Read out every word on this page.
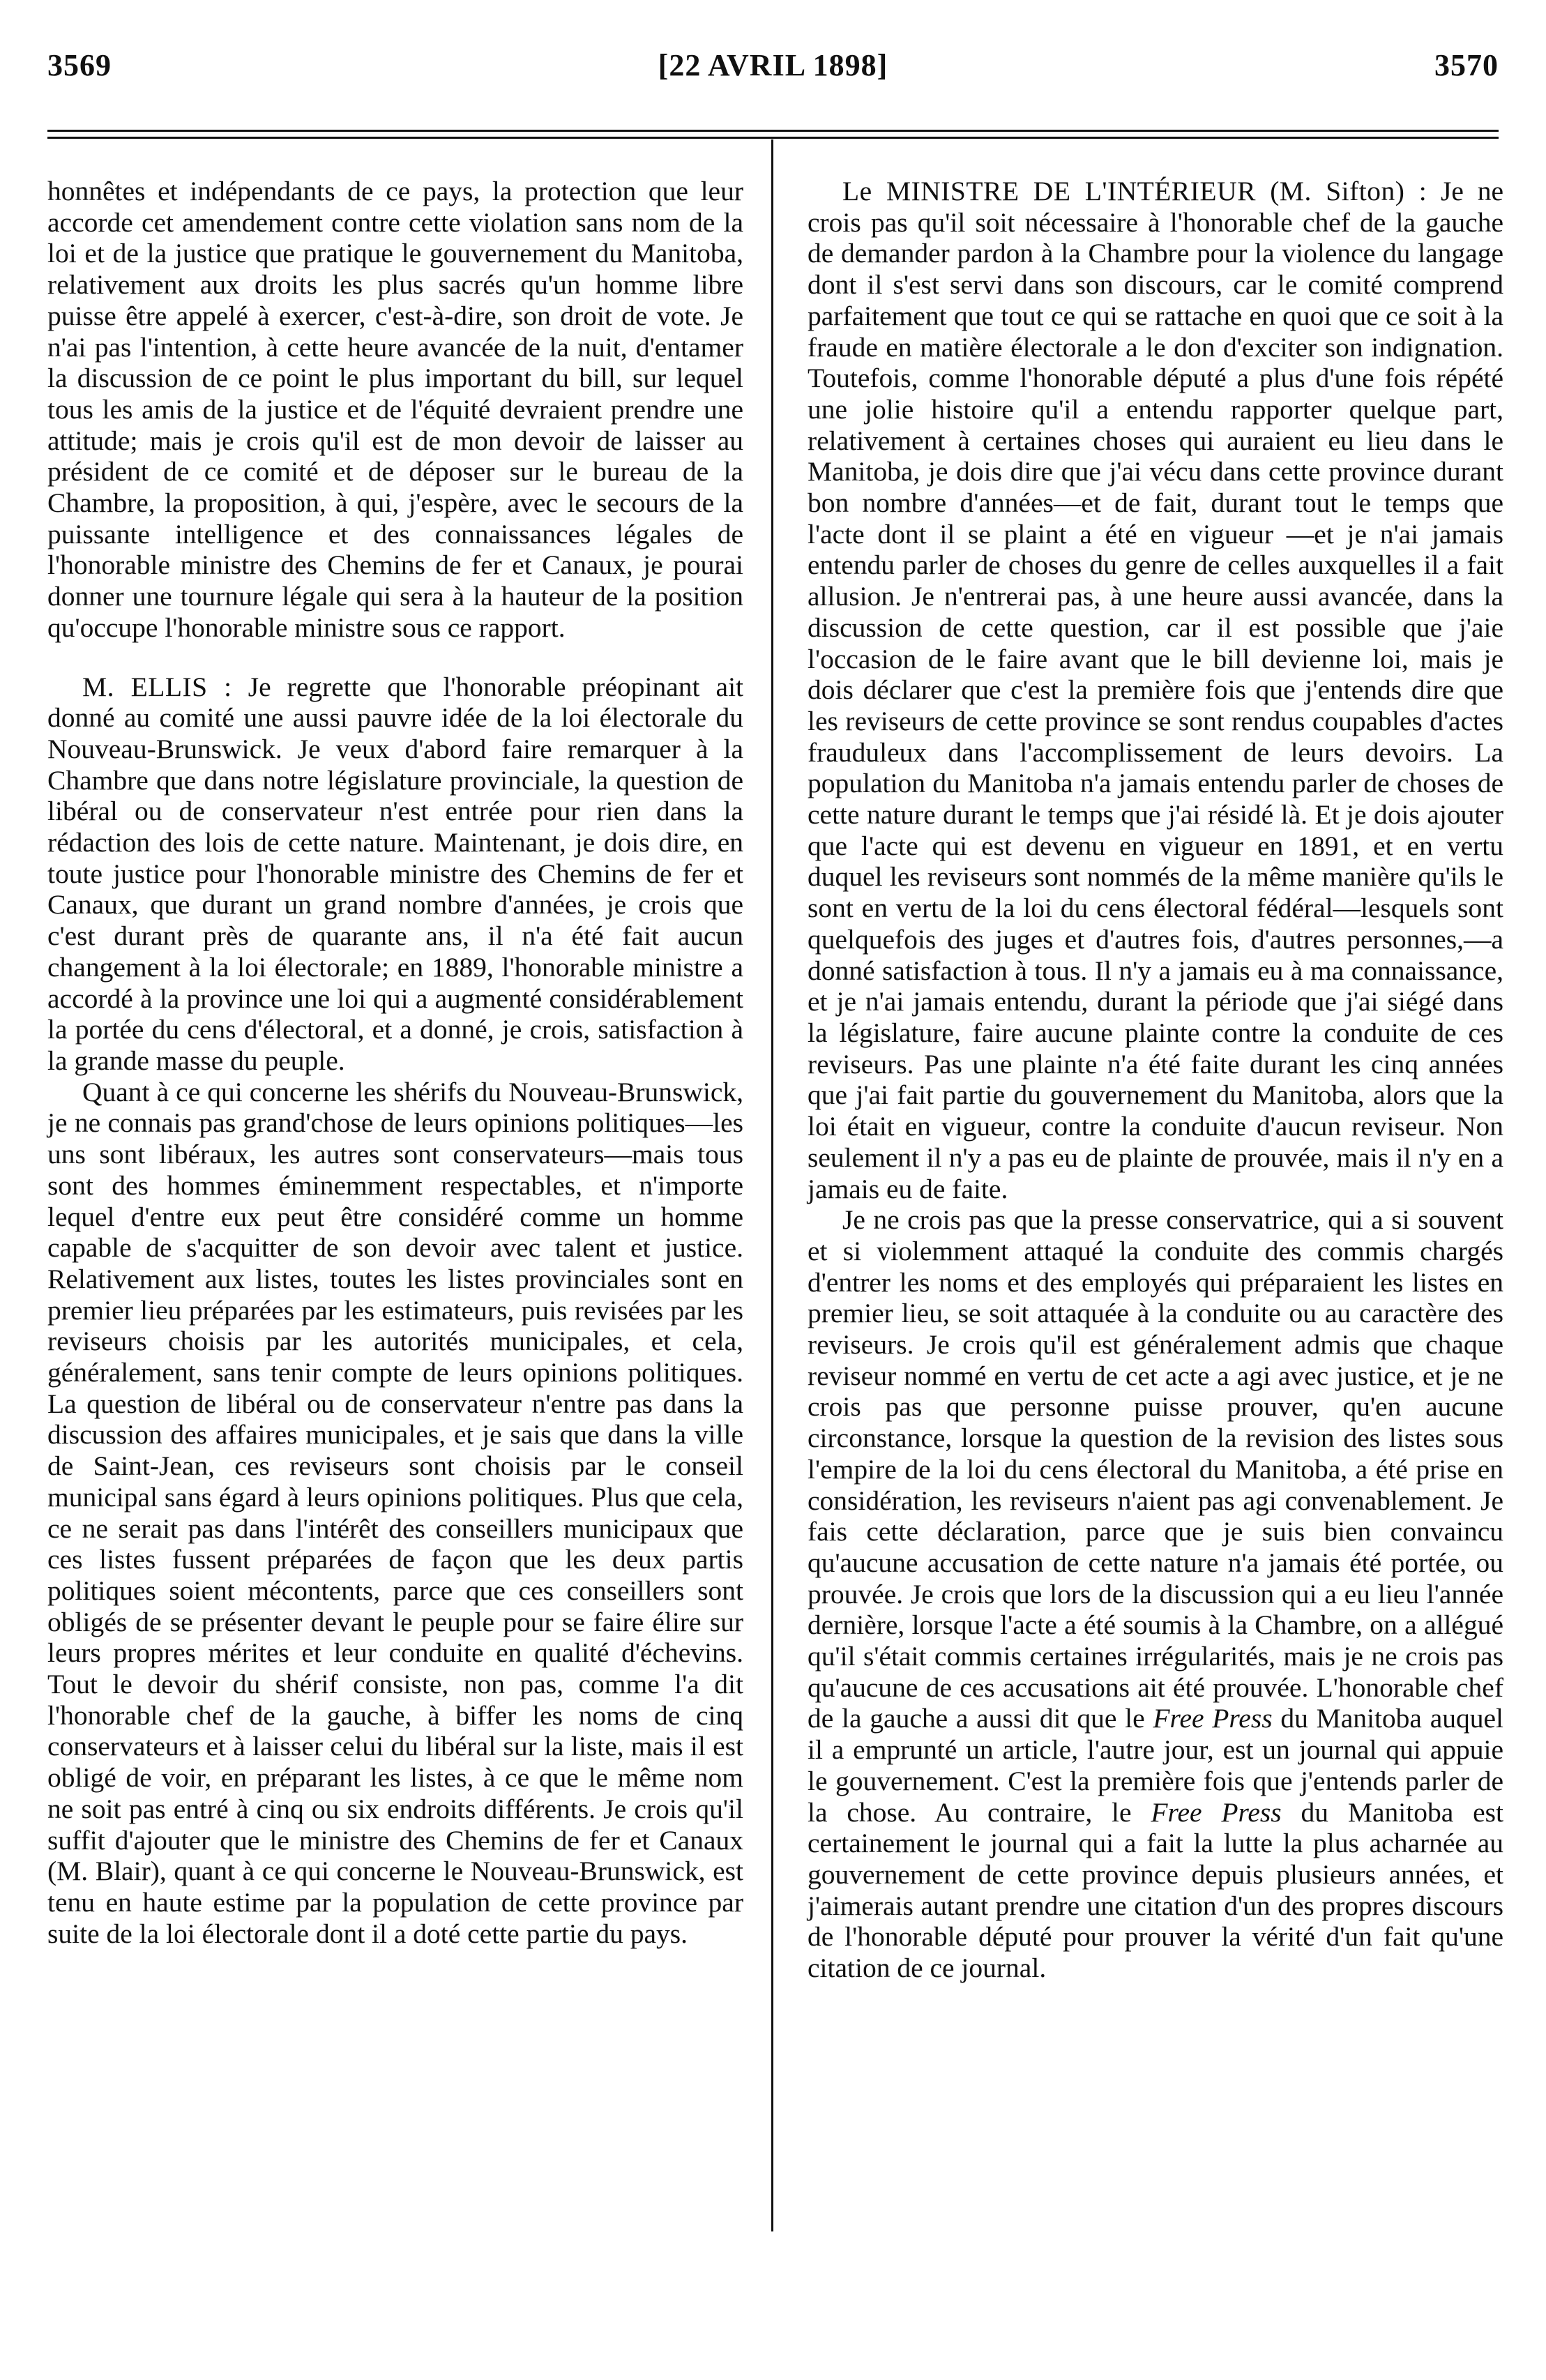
3569	[22 AVRIL 1898]	3570

honnêtes et indépendants de ce pays, la protection que leur accorde cet amendement contre cette violation sans nom de la loi et de la justice que pratique le gouvernement du Manitoba, relativement aux droits les plus sacrés qu'un homme libre puisse être appelé à exercer, c'est-à-dire, son droit de vote. Je n'ai pas l'intention, à cette heure avancée de la nuit, d'entamer la discussion de ce point le plus important du bill, sur lequel tous les amis de la justice et de l'équité devraient prendre une attitude; mais je crois qu'il est de mon devoir de laisser au président de ce comité et de déposer sur le bureau de la Chambre, la proposition, à qui, j'espère, avec le secours de la puissante intelligence et des connaissances légales de l'honorable ministre des Chemins de fer et Canaux, je pourai donner une tournure légale qui sera à la hauteur de la position qu'occupe l'honorable ministre sous ce rapport.

M. ELLIS : Je regrette que l'honorable préopinant ait donné au comité une aussi pauvre idée de la loi électorale du Nouveau-Brunswick. Je veux d'abord faire remarquer à la Chambre que dans notre législature provinciale, la question de libéral ou de conservateur n'est entrée pour rien dans la rédaction des lois de cette nature. Maintenant, je dois dire, en toute justice pour l'honorable ministre des Chemins de fer et Canaux, que durant un grand nombre d'années, je crois que c'est durant près de quarante ans, il n'a été fait aucun changement à la loi électorale; en 1889, l'honorable ministre a accordé à la province une loi qui a augmenté considérablement la portée du cens d'électoral, et a donné, je crois, satisfaction à la grande masse du peuple.

Quant à ce qui concerne les shérifs du Nouveau-Brunswick, je ne connais pas grand'chose de leurs opinions politiques—les uns sont libéraux, les autres sont conservateurs—mais tous sont des hommes éminemment respectables, et n'importe lequel d'entre eux peut être considéré comme un homme capable de s'acquitter de son devoir avec talent et justice. Relativement aux listes, toutes les listes provinciales sont en premier lieu préparées par les estimateurs, puis revisées par les reviseurs choisis par les autorités municipales, et cela, généralement, sans tenir compte de leurs opinions politiques. La question de libéral ou de conservateur n'entre pas dans la discussion des affaires municipales, et je sais que dans la ville de Saint-Jean, ces reviseurs sont choisis par le conseil municipal sans égard à leurs opinions politiques. Plus que cela, ce ne serait pas dans l'intérêt des conseillers municipaux que ces listes fussent préparées de façon que les deux partis politiques soient mécontents, parce que ces conseillers sont obligés de se présenter devant le peuple pour se faire élire sur leurs propres mérites et leur conduite en qualité d'échevins. Tout le devoir du shérif consiste, non pas, comme l'a dit l'honorable chef de la gauche, à biffer les noms de cinq conservateurs et à laisser celui du libéral sur la liste, mais il est obligé de voir, en préparant les listes, à ce que le même nom ne soit pas entré à cinq ou six endroits différents. Je crois qu'il suffit d'ajouter que le ministre des Chemins de fer et Canaux (M. Blair), quant à ce qui concerne le Nouveau-Brunswick, est tenu en haute estime par la population de cette province par suite de la loi électorale dont il a doté cette partie du pays.

Le MINISTRE DE L'INTÉRIEUR (M. Sifton) : Je ne crois pas qu'il soit nécessaire à l'honorable chef de la gauche de demander pardon à la Chambre pour la violence du langage dont il s'est servi dans son discours, car le comité comprend parfaitement que tout ce qui se rattache en quoi que ce soit à la fraude en matière électorale a le don d'exciter son indignation. Toutefois, comme l'honorable député a plus d'une fois répété une jolie histoire qu'il a entendu rapporter quelque part, relativement à certaines choses qui auraient eu lieu dans le Manitoba, je dois dire que j'ai vécu dans cette province durant bon nombre d'années—et de fait, durant tout le temps que l'acte dont il se plaint a été en vigueur —et je n'ai jamais entendu parler de choses du genre de celles auxquelles il a fait allusion. Je n'entrerai pas, à une heure aussi avancée, dans la discussion de cette question, car il est possible que j'aie l'occasion de le faire avant que le bill devienne loi, mais je dois déclarer que c'est la première fois que j'entends dire que les reviseurs de cette province se sont rendus coupables d'actes frauduleux dans l'accomplissement de leurs devoirs. La population du Manitoba n'a jamais entendu parler de choses de cette nature durant le temps que j'ai résidé là. Et je dois ajouter que l'acte qui est devenu en vigueur en 1891, et en vertu duquel les reviseurs sont nommés de la même manière qu'ils le sont en vertu de la loi du cens électoral fédéral—lesquels sont quelquefois des juges et d'autres fois, d'autres personnes,—a donné satisfaction à tous. Il n'y a jamais eu à ma connaissance, et je n'ai jamais entendu, durant la période que j'ai siégé dans la législature, faire aucune plainte contre la conduite de ces reviseurs. Pas une plainte n'a été faite durant les cinq années que j'ai fait partie du gouvernement du Manitoba, alors que la loi était en vigueur, contre la conduite d'aucun reviseur. Non seulement il n'y a pas eu de plainte de prouvée, mais il n'y en a jamais eu de faite.

Je ne crois pas que la presse conservatrice, qui a si souvent et si violemment attaqué la conduite des commis chargés d'entrer les noms et des employés qui préparaient les listes en premier lieu, se soit attaquée à la conduite ou au caractère des reviseurs. Je crois qu'il est généralement admis que chaque reviseur nommé en vertu de cet acte a agi avec justice, et je ne crois pas que personne puisse prouver, qu'en aucune circonstance, lorsque la question de la revision des listes sous l'empire de la loi du cens électoral du Manitoba, a été prise en considération, les reviseurs n'aient pas agi convenablement. Je fais cette déclaration, parce que je suis bien convaincu qu'aucune accusation de cette nature n'a jamais été portée, ou prouvée. Je crois que lors de la discussion qui a eu lieu l'année dernière, lorsque l'acte a été soumis à la Chambre, on a allégué qu'il s'était commis certaines irrégularités, mais je ne crois pas qu'aucune de ces accusations ait été prouvée. L'honorable chef de la gauche a aussi dit que le Free Press du Manitoba auquel il a emprunté un article, l'autre jour, est un journal qui appuie le gouvernement. C'est la première fois que j'entends parler de la chose. Au contraire, le Free Press du Manitoba est certainement le journal qui a fait la lutte la plus acharnée au gouvernement de cette province depuis plusieurs années, et j'aimerais autant prendre une citation d'un des propres discours de l'honorable député pour prouver la vérité d'un fait qu'une citation de ce journal.
